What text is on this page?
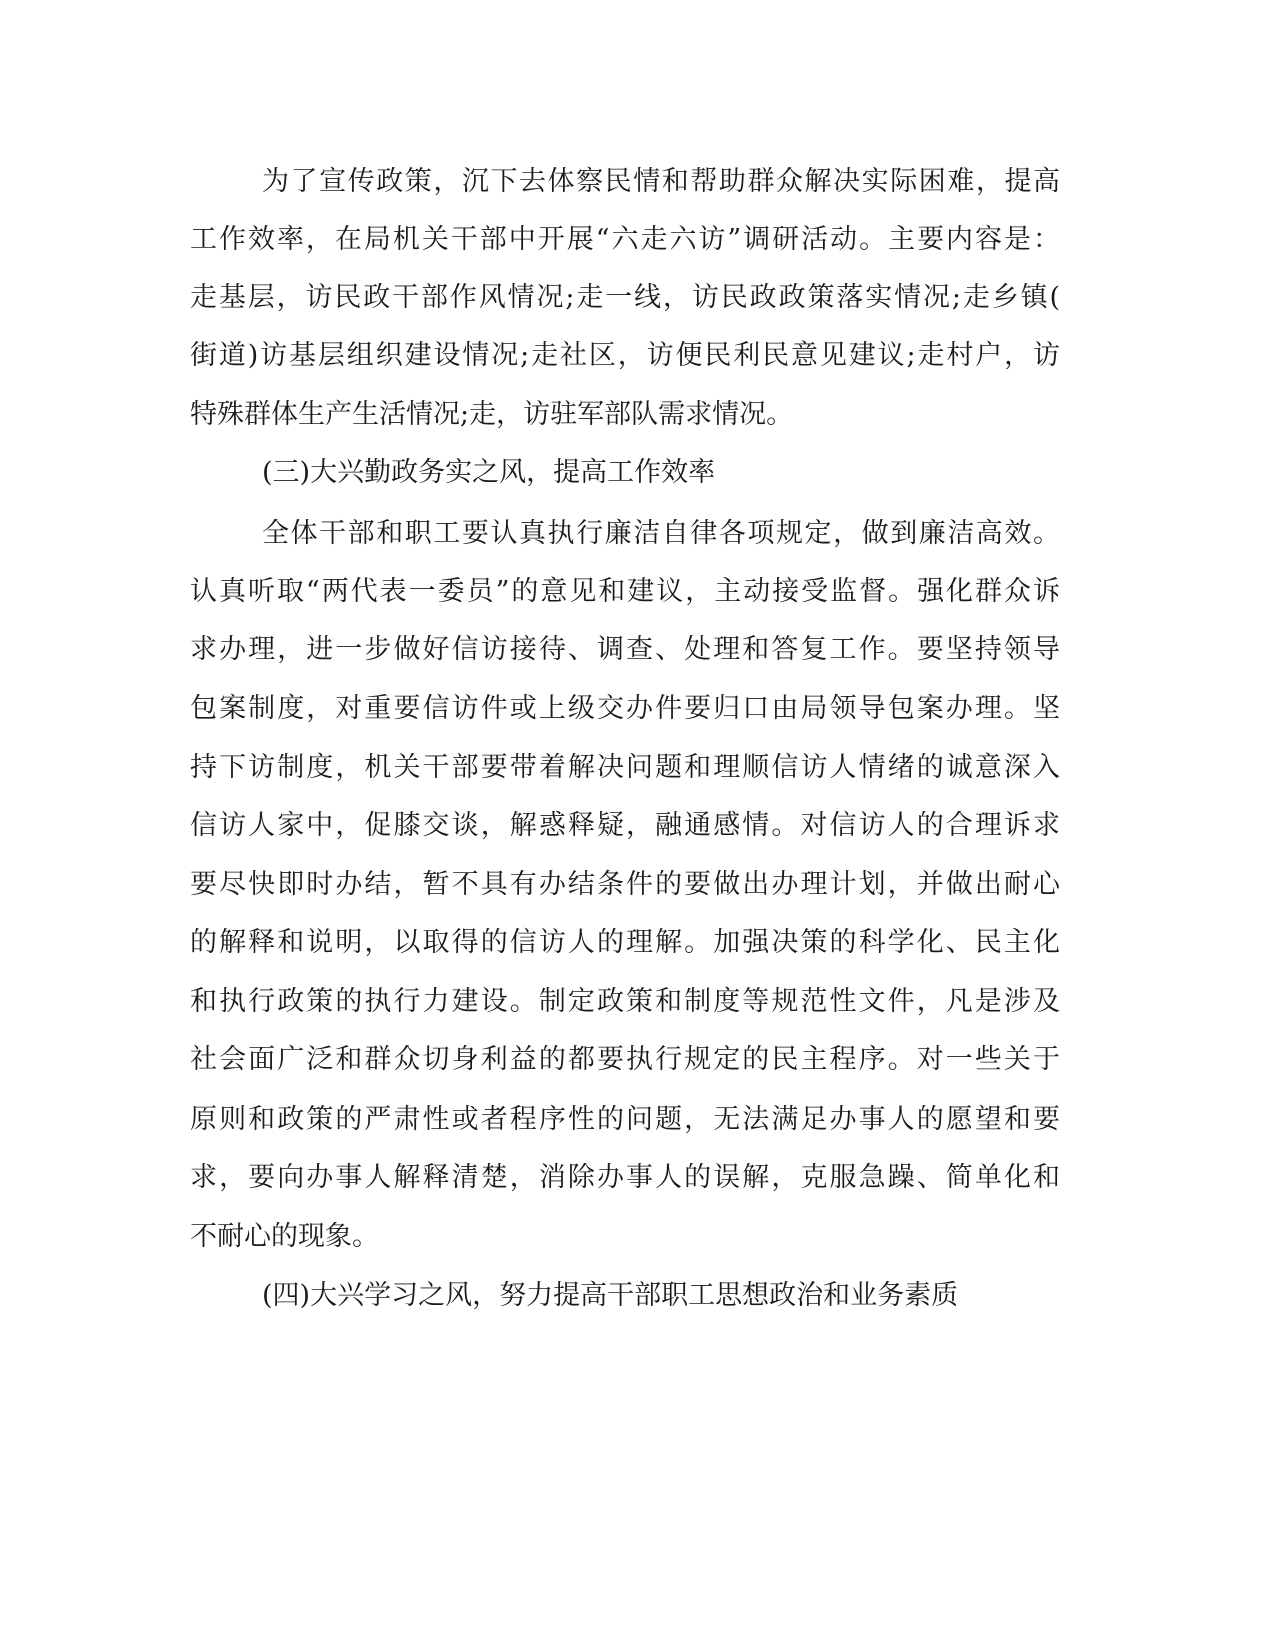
为了宣传政策，沉下去体察民情和帮助群众解决实际困难，提高

工作效率，在局机关干部中开展“六走六访”调研活动。主要内容是：

走基层，访民政干部作风情况;走一线，访民政政策落实情况;走乡镇(

街道)访基层组织建设情况;走社区，访便民利民意见建议;走村户，访

特殊群体生产生活情况;走，访驻军部队需求情况。

(三)大兴勤政务实之风，提高工作效率

全体干部和职工要认真执行廉洁自律各项规定，做到廉洁高效。

认真听取“两代表一委员”的意见和建议，主动接受监督。强化群众诉

求办理，进一步做好信访接待、调查、处理和答复工作。要坚持领导

包案制度，对重要信访件或上级交办件要归口由局领导包案办理。坚

持下访制度，机关干部要带着解决问题和理顺信访人情绪的诚意深入

信访人家中，促膝交谈，解惑释疑，融通感情。对信访人的合理诉求

要尽快即时办结，暂不具有办结条件的要做出办理计划，并做出耐心

的解释和说明，以取得的信访人的理解。加强决策的科学化、民主化

和执行政策的执行力建设。制定政策和制度等规范性文件，凡是涉及

社会面广泛和群众切身利益的都要执行规定的民主程序。对一些关于

原则和政策的严肃性或者程序性的问题，无法满足办事人的愿望和要

求，要向办事人解释清楚，消除办事人的误解，克服急躁、简单化和

不耐心的现象。

(四)大兴学习之风，努力提高干部职工思想政治和业务素质
